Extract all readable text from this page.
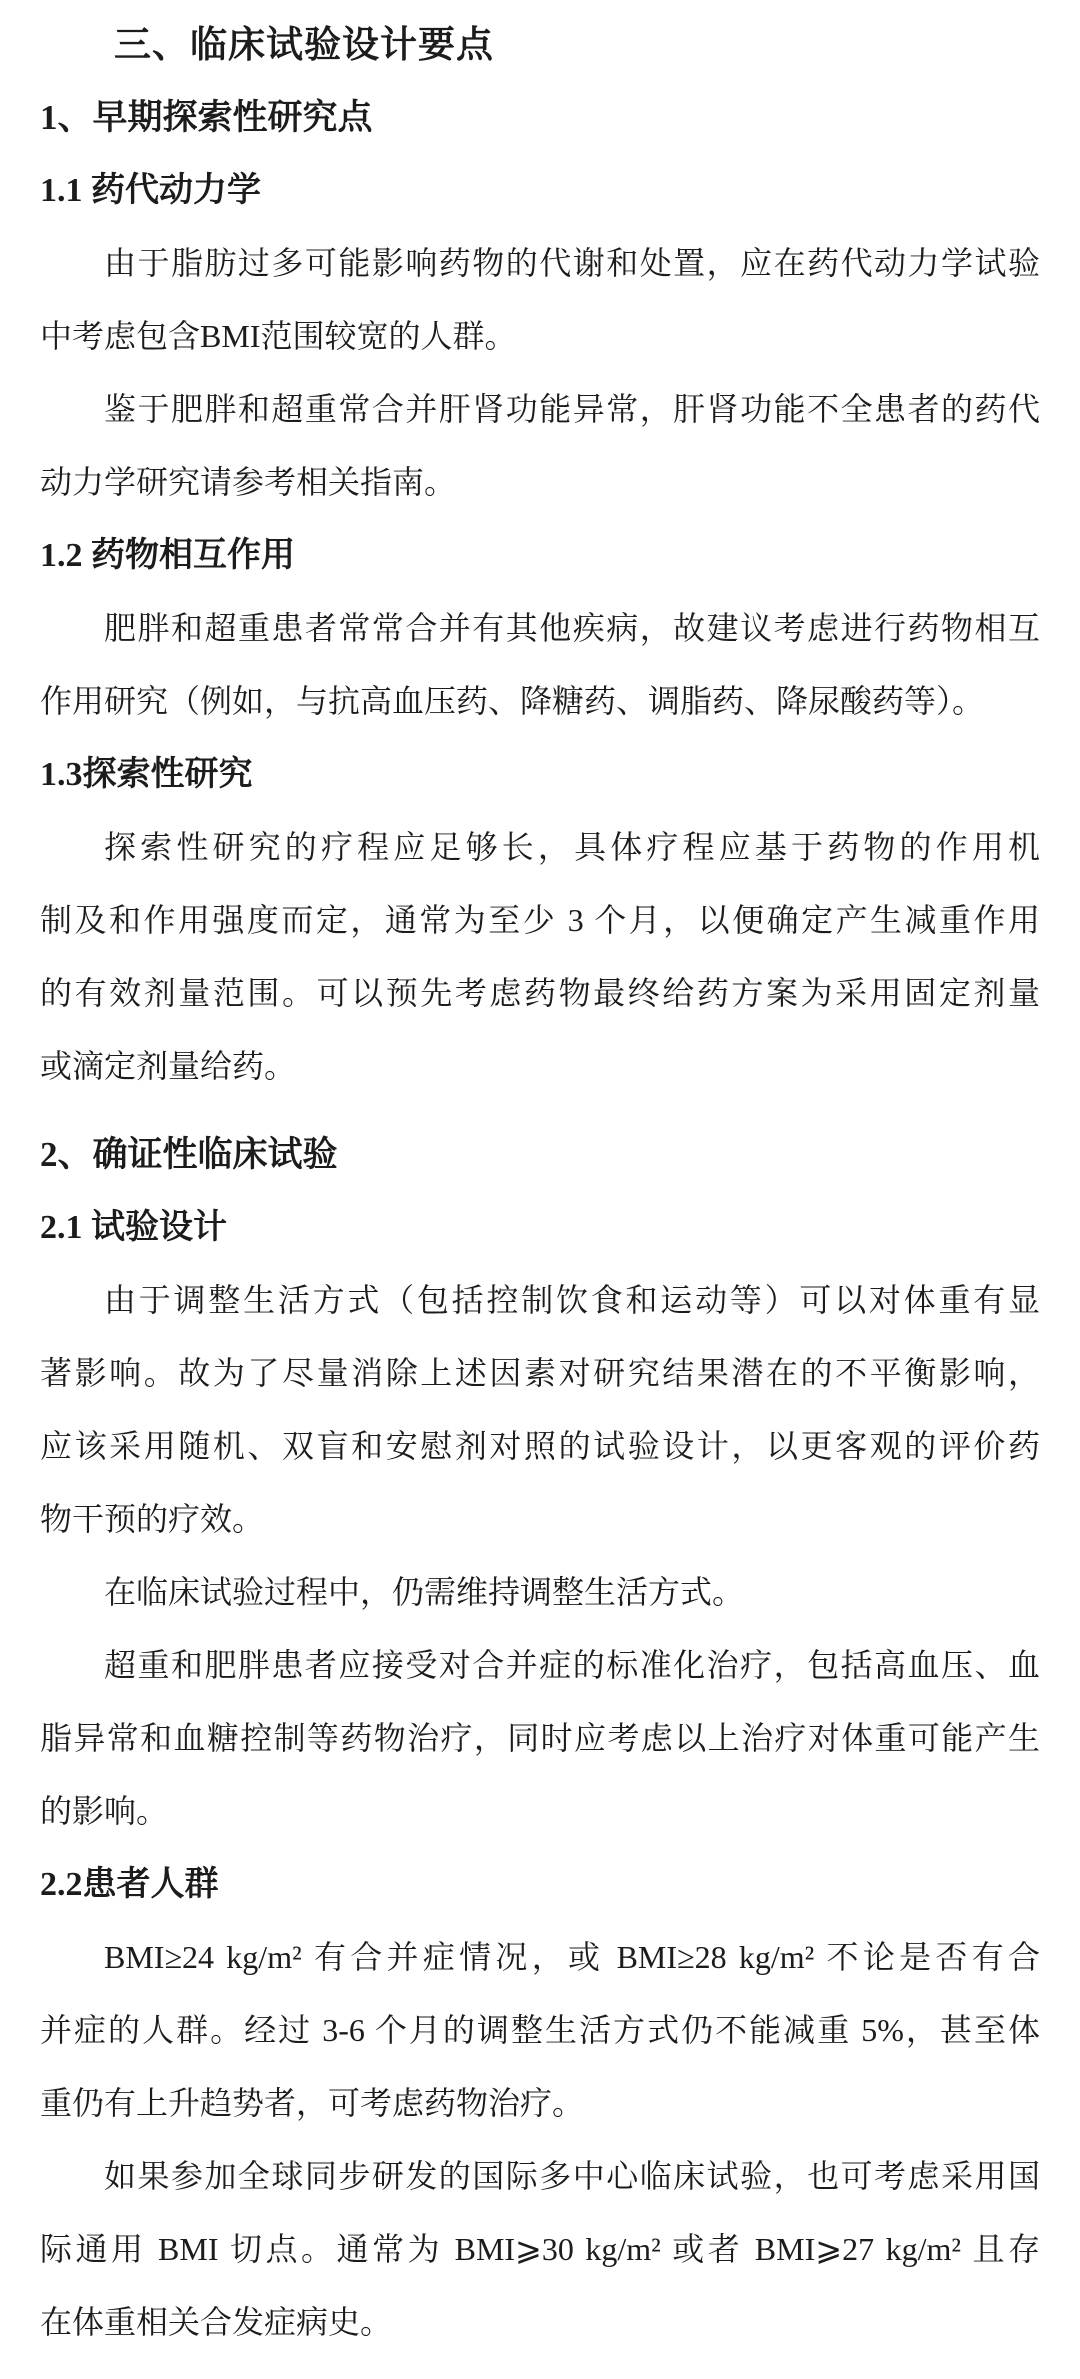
三、临床试验设计要点
1、早期探索性研究点
1.1 药代动力学
由于脂肪过多可能影响药物的代谢和处置，应在药代动力学试验
中考虑包含BMI范围较宽的人群。
鉴于肥胖和超重常合并肝肾功能异常，肝肾功能不全患者的药代
动力学研究请参考相关指南。
1.2 药物相互作用
肥胖和超重患者常常合并有其他疾病，故建议考虑进行药物相互
作用研究（例如，与抗高血压药、降糖药、调脂药、降尿酸药等）。
1.3探索性研究
探索性研究的疗程应足够长，具体疗程应基于药物的作用机
制及和作用强度而定，通常为至少 3 个月，以便确定产生减重作用
的有效剂量范围。可以预先考虑药物最终给药方案为采用固定剂量
或滴定剂量给药。
2、确证性临床试验
2.1 试验设计
由于调整生活方式（包括控制饮食和运动等）可以对体重有显
著影响。故为了尽量消除上述因素对研究结果潜在的不平衡影响，
应该采用随机、双盲和安慰剂对照的试验设计，以更客观的评价药
物干预的疗效。
在临床试验过程中，仍需维持调整生活方式。
超重和肥胖患者应接受对合并症的标准化治疗，包括高血压、血
脂异常和血糖控制等药物治疗，同时应考虑以上治疗对体重可能产生
的影响。
2.2患者人群
BMI≥24 kg/m² 有合并症情况，或 BMI≥28 kg/m² 不论是否有合
并症的人群。经过 3-6 个月的调整生活方式仍不能减重 5%，甚至体
重仍有上升趋势者，可考虑药物治疗。
如果参加全球同步研发的国际多中心临床试验，也可考虑采用国
际通用 BMI 切点。通常为 BMI⩾30 kg/m² 或者 BMI⩾27 kg/m² 且存
在体重相关合发症病史。
